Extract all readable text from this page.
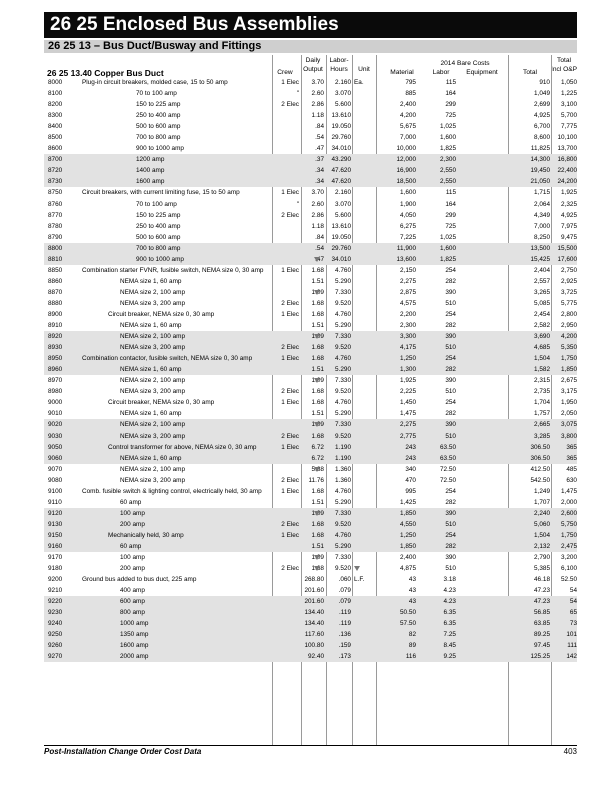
26 25 Enclosed Bus Assemblies
26 25 13 – Bus Duct/Busway and Fittings
Crew
Daily
Output
Labor-
Hours	Unit
2014 Bare Costs
Material	Labor	Equipment	Total
Total
Incl O&P
26 25 13.40 Copper Bus Duct
8000	Plug-in circuit breakers, molded case, 15 to 50 amp	1 Elec	3.70	2.160 Ea.	795	115	910	1,050
8100	70 to 100 amp	"	2.60	3.070	885	164	1,049	1,225
8200	150 to 225 amp	2 Elec	2.86	5.600	2,400	299	2,699	3,100
8300	250 to 400 amp	1.18	13.610	4,200	725	4,925	5,700
8400	500 to 600 amp	.84	19.050	5,675	1,025	6,700	7,775
8500	700 to 800 amp	.54	29.760	7,000	1,600	8,600	10,100
8600	900 to 1000 amp	.47	34.010	10,000	1,825	11,825	13,700
8700	1200 amp	.37	43.290	12,000	2,300	14,300	16,800
8720	1400 amp	.34	47.620	16,900	2,550	19,450	22,400
8730	1600 amp	.34	47.620	18,500	2,550	21,050	24,200
8750	Circuit breakers, with current limiting fuse, 15 to 50 amp	1 Elec	3.70	2.160	1,600	115	1,715	1,925
8760	70 to 100 amp	"	2.60	3.070	1,900	164	2,064	2,325
8770	150 to 225 amp	2 Elec	2.86	5.600	4,050	299	4,349	4,925
8780	250 to 400 amp	1.18	13.610	6,275	725	7,000	7,975
8790	500 to 600 amp	.84	19.050	7,225	1,025	8,250	9,475
8800	700 to 800 amp	.54	29.760	11,900	1,600	13,500	15,500
8810	900 to 1000 amp	.47	34.010	13,600	1,825	15,425	17,600
8850	Combination starter FVNR, fusible switch, NEMA size 0, 30 amp	1 Elec	1.68	4.760	2,150	254	2,404	2,750
8860	NEMA size 1, 60 amp	1.51	5.290	2,275	282	2,557	2,925
8870	NEMA size 2, 100 amp	1.09	7.330	2,875	390	3,265	3,725
8880	NEMA size 3, 200 amp	2 Elec	1.68	9.520	4,575	510	5,085	5,775
8900	Circuit breaker, NEMA size 0, 30 amp	1 Elec	1.68	4.760	2,200	254	2,454	2,800
8910	NEMA size 1, 60 amp	1.51	5.290	2,300	282	2,582	2,950
8920	NEMA size 2, 100 amp	1.09	7.330	3,300	390	3,690	4,200
8930	NEMA size 3, 200 amp	2 Elec	1.68	9.520	4,175	510	4,685	5,350
8950	Combination contactor, fusible switch, NEMA size 0, 30 amp	1 Elec	1.68	4.760	1,250	254	1,504	1,750
8960	NEMA size 1, 60 amp	1.51	5.290	1,300	282	1,582	1,850
8970	NEMA size 2, 100 amp	1.09	7.330	1,925	390	2,315	2,675
8980	NEMA size 3, 200 amp	2 Elec	1.68	9.520	2,225	510	2,735	3,175
9000	Circuit breaker, NEMA size 0, 30 amp	1 Elec	1.68	4.760	1,450	254	1,704	1,950
9010	NEMA size 1, 60 amp	1.51	5.290	1,475	282	1,757	2,050
9020	NEMA size 2, 100 amp	1.09	7.330	2,275	390	2,665	3,075
9030	NEMA size 3, 200 amp	2 Elec	1.68	9.520	2,775	510	3,285	3,800
9050	Control transformer for above, NEMA size 0, 30 amp	1 Elec	6.72	1.190	243	63.50	306.50	365
9060	NEMA size 1, 60 amp	6.72	1.190	243	63.50	306.50	365
9070	NEMA size 2, 100 amp	5.88	1.360	340	72.50	412.50	485
9080	NEMA size 3, 200 amp	2 Elec	11.76	1.360	470	72.50	542.50	630
9100	Comb. fusible switch & lighting control, electrically held, 30 amp	1 Elec	1.68	4.760	995	254	1,249	1,475
9110	60 amp	1.51	5.290	1,425	282	1,707	2,000
9120	100 amp	1.09	7.330	1,850	390	2,240	2,600
9130	200 amp	2 Elec	1.68	9.520	4,550	510	5,060	5,750
9150	Mechanically held, 30 amp	1 Elec	1.68	4.760	1,250	254	1,504	1,750
9160	60 amp	1.51	5.290	1,850	282	2,132	2,475
9170	100 amp	1.09	7.330	2,400	390	2,790	3,200
9180	200 amp	2 Elec	1.68	9.520	4,875	510	5,385	6,100
9200	Ground bus added to bus duct, 225 amp	268.80	.060 L.F.	43	3.18	46.18	52.50
9210	400 amp	201.60	.079	43	4.23	47.23	54
9220	600 amp	201.60	.079	43	4.23	47.23	54
9230	800 amp	134.40	.119	50.50	6.35	56.85	65
9240	1000 amp	134.40	.119	57.50	6.35	63.85	73
9250	1350 amp	117.60	.136	82	7.25	89.25	101
9260	1600 amp	100.80	.159	89	8.45	97.45	111
9270	2000 amp	92.40	.173	116	9.25	125.25	142
Post-Installation Change Order Cost Data	403
